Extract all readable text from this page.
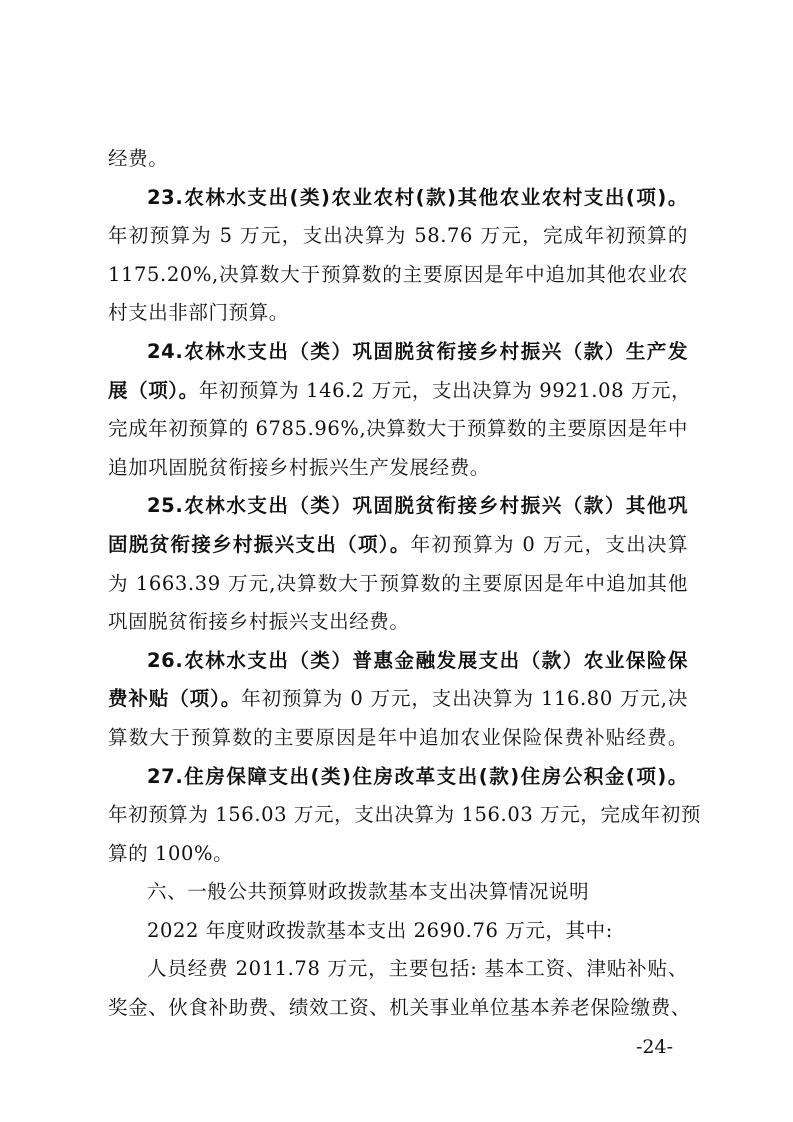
经费。
23.农林水支出(类)农业农村(款)其他农业农村支出(项)。
年初预算为 5 万元，支出决算为 58.76 万元，完成年初预算的
1175.20%,决算数大于预算数的主要原因是年中追加其他农业农
村支出非部门预算。
24.农林水支出（类）巩固脱贫衔接乡村振兴（款）生产发
展（项）。年初预算为 146.2 万元，支出决算为 9921.08 万元，
完成年初预算的 6785.96%,决算数大于预算数的主要原因是年中
追加巩固脱贫衔接乡村振兴生产发展经费。
25.农林水支出（类）巩固脱贫衔接乡村振兴（款）其他巩
固脱贫衔接乡村振兴支出（项）。年初预算为 0 万元，支出决算
为 1663.39 万元,决算数大于预算数的主要原因是年中追加其他
巩固脱贫衔接乡村振兴支出经费。
26.农林水支出（类）普惠金融发展支出（款）农业保险保
费补贴（项）。年初预算为 0 万元，支出决算为 116.80 万元,决
算数大于预算数的主要原因是年中追加农业保险保费补贴经费。
27.住房保障支出(类)住房改革支出(款)住房公积金(项)。
年初预算为 156.03 万元，支出决算为 156.03 万元，完成年初预
算的 100%。
六、一般公共预算财政拨款基本支出决算情况说明
2022 年度财政拨款基本支出 2690.76 万元，其中:
人员经费 2011.78 万元，主要包括: 基本工资、津贴补贴、
奖金、伙食补助费、绩效工资、机关事业单位基本养老保险缴费、
-24-
